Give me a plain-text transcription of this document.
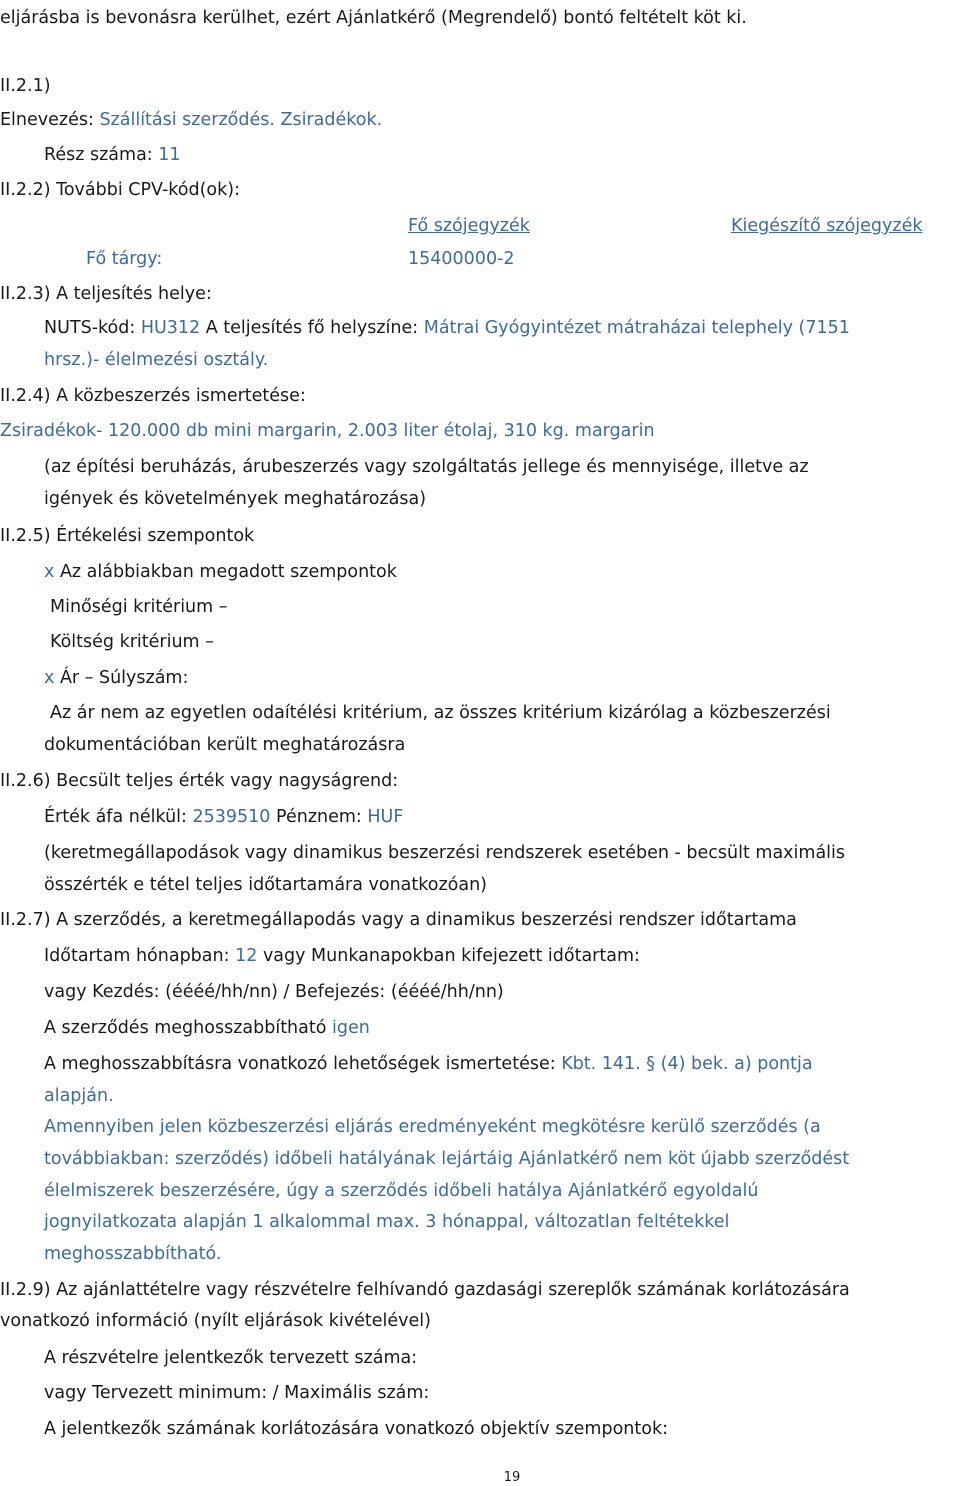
eljárásba is bevonásra kerülhet, ezért Ajánlatkérő (Megrendelő) bontó feltételt köt ki.
II.2.1)
Elnevezés: Szállítási szerződés. Zsiradékok.
Rész száma: 11
II.2.2) További CPV-kód(ok):
Fő szójegyzék	Kiegészítő szójegyzék
Fő tárgy:	15400000-2
II.2.3) A teljesítés helye:
NUTS-kód: HU312 A teljesítés fő helyszíne: Mátrai Gyógyintézet mátraházai telephely (7151
hrsz.)- élelmezési osztály.
II.2.4) A közbeszerzés ismertetése:
Zsiradékok- 120.000 db mini margarin, 2.003 liter étolaj, 310 kg. margarin
(az építési beruházás, árubeszerzés vagy szolgáltatás jellege és mennyisége, illetve az
igények és követelmények meghatározása)
II.2.5) Értékelési szempontok
x Az alábbiakban megadott szempontok
Minőségi kritérium –
Költség kritérium –
x Ár – Súlyszám:
Az ár nem az egyetlen odaítélési kritérium, az összes kritérium kizárólag a közbeszerzési
dokumentációban került meghatározásra
II.2.6) Becsült teljes érték vagy nagyságrend:
Érték áfa nélkül: 2539510 Pénznem: HUF
(keretmegállapodások vagy dinamikus beszerzési rendszerek esetében - becsült maximális
összérték e tétel teljes időtartamára vonatkozóan)
II.2.7) A szerződés, a keretmegállapodás vagy a dinamikus beszerzési rendszer időtartama
Időtartam hónapban: 12 vagy Munkanapokban kifejezett időtartam:
vagy Kezdés: (éééé/hh/nn) / Befejezés: (éééé/hh/nn)
A szerződés meghosszabbítható igen
A meghosszabbításra vonatkozó lehetőségek ismertetése: Kbt. 141. § (4) bek. a) pontja
alapján.
Amennyiben jelen közbeszerzési eljárás eredményeként megkötésre kerülő szerződés (a
továbbiakban: szerződés) időbeli hatályának lejártáig Ajánlatkérő nem köt újabb szerződést
élelmiszerek beszerzésére, úgy a szerződés időbeli hatálya Ajánlatkérő egyoldalú
jognyilatkozata alapján 1 alkalommal max. 3 hónappal, változatlan feltétekkel
meghosszabbítható.
II.2.9) Az ajánlattételre vagy részvételre felhívandó gazdasági szereplők számának korlátozására
vonatkozó információ (nyílt eljárások kivételével)
A részvételre jelentkezők tervezett száma:
vagy Tervezett minimum: / Maximális szám:
A jelentkezők számának korlátozására vonatkozó objektív szempontok:
19
